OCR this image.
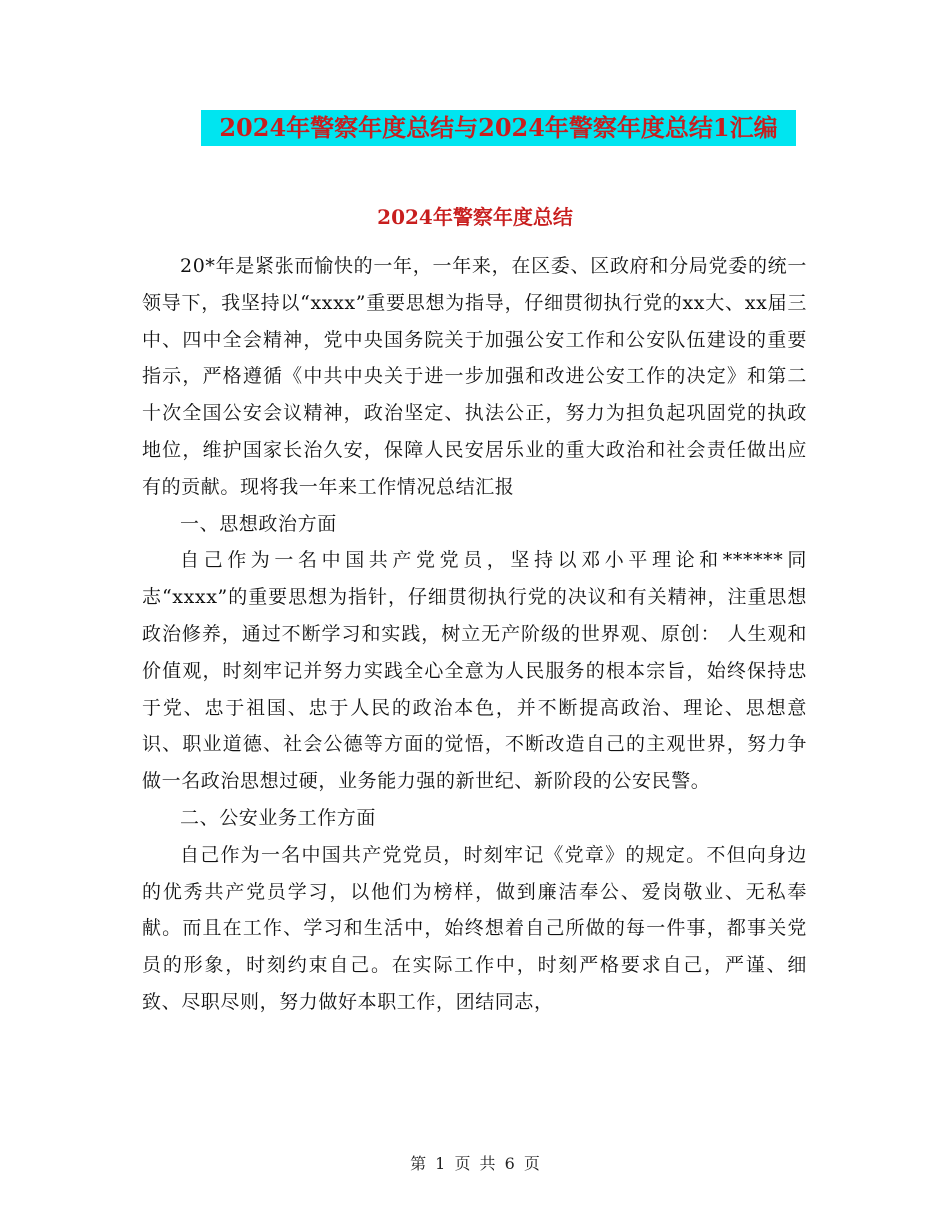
2024年警察年度总结与2024年警察年度总结1汇编
2024年警察年度总结

20*年是紧张而愉快的一年，一年来，在区委、区政府和分局党委的统一领导下，我坚持以“xxxx”重要思想为指导，仔细贯彻执行党的xx大、xx届三中、四中全会精神，党中央国务院关于加强公安工作和公安队伍建设的重要指示，严格遵循《中共中央关于进一步加强和改进公安工作的决定》和第二十次全国公安会议精神，政治坚定、执法公正，努力为担负起巩固党的执政地位，维护国家长治久安，保障人民安居乐业的重大政治和社会责任做出应有的贡献。现将我一年来工作情况总结汇报

一、思想政治方面

自己作为一名中国共产党党员，坚持以邓小平理论和******同志“xxxx”的重要思想为指针，仔细贯彻执行党的决议和有关精神，注重思想政治修养，通过不断学习和实践，树立无产阶级的世界观、原创： 人生观和价值观，时刻牢记并努力实践全心全意为人民服务的根本宗旨，始终保持忠于党、忠于祖国、忠于人民的政治本色，并不断提高政治、理论、思想意识、职业道德、社会公德等方面的觉悟，不断改造自己的主观世界，努力争做一名政治思想过硬，业务能力强的新世纪、新阶段的公安民警。

二、公安业务工作方面

自己作为一名中国共产党党员，时刻牢记《党章》的规定。不但向身边的优秀共产党员学习，以他们为榜样，做到廉洁奉公、爱岗敬业、无私奉献。而且在工作、学习和生活中，始终想着自己所做的每一件事，都事关党员的形象，时刻约束自己。在实际工作中，时刻严格要求自己，严谨、细致、尽职尽则，努力做好本职工作，团结同志，

第 1 页 共 6 页
